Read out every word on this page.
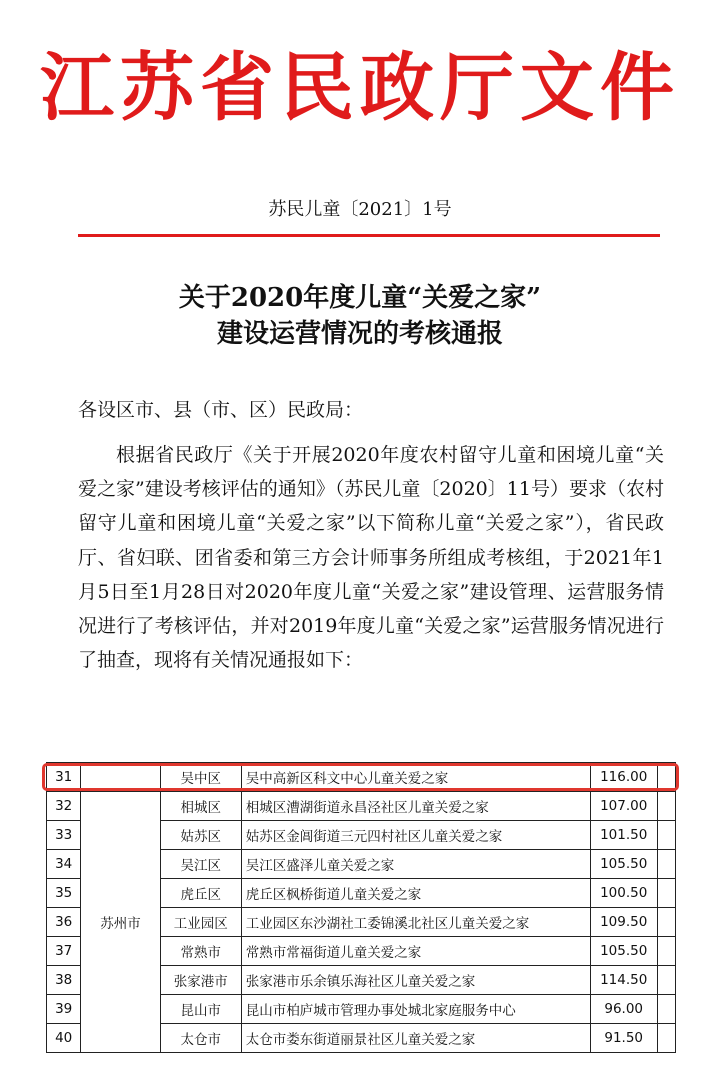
江苏省民政厅文件
苏民儿童〔2021〕1号
关于2020年度儿童“关爱之家”
建设运营情况的考核通报
各设区市、县（市、区）民政局：

根据省民政厅《关于开展2020年度农村留守儿童和困境儿童“关爱之家”建设考核评估的通知》（苏民儿童〔2020〕11号）要求（农村留守儿童和困境儿童“关爱之家”以下简称儿童“关爱之家”），省民政厅、省妇联、团省委和第三方会计师事务所组成考核组，于2021年1月5日至1月28日对2020年度儿童“关爱之家”建设管理、运营服务情况进行了考核评估，并对2019年度儿童“关爱之家”运营服务情况进行了抽查，现将有关情况通报如下：

31		吴中区	吴中高新区科文中心儿童关爱之家	116.00	
32	苏州市	相城区	相城区漕湖街道永昌泾社区儿童关爱之家	107.00	
33		姑苏区	姑苏区金阊街道三元四村社区儿童关爱之家	101.50	
34		吴江区	吴江区盛泽儿童关爱之家	105.50	
35		虎丘区	虎丘区枫桥街道儿童关爱之家	100.50	
36		工业园区	工业园区东沙湖社工委锦溪北社区儿童关爱之家	109.50	
37		常熟市	常熟市常福街道儿童关爱之家	105.50	
38		张家港市	张家港市乐余镇乐海社区儿童关爱之家	114.50	
39		昆山市	昆山市柏庐城市管理办事处城北家庭服务中心	96.00	
40		太仓市	太仓市娄东街道丽景社区儿童关爱之家	91.50	
